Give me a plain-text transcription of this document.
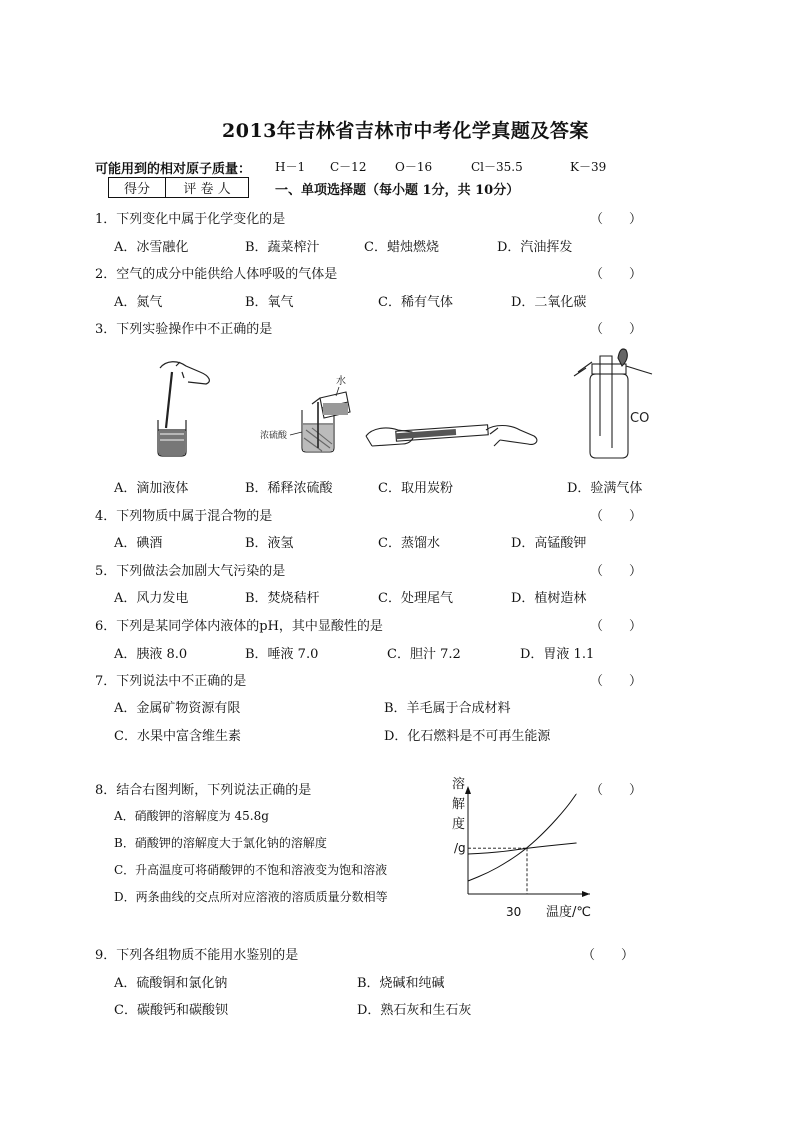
2013年吉林省吉林市中考化学真题及答案
可能用到的相对原子质量： H－1 C－12 O－16	Cl－35.5	K－39
得分	评 卷 人	一、单项选择题（每小题 1分，共 10分）
1．下列变化中属于化学变化的是	（　　）
A．冰雪融化	B．蔬菜榨汁	C．蜡烛燃烧	D．汽油挥发
2．空气的成分中能供给人体呼吸的气体是	（　　）
A．氮气	B．氧气	C．稀有气体	D．二氧化碳
3．下列实验操作中不正确的是	（　　）
水
浓硫酸
CO
A．滴加液体	B．稀释浓硫酸	C．取用炭粉	D．验满气体
4．下列物质中属于混合物的是	（　　）
A．碘酒	B．液氢	C．蒸馏水	D．高锰酸钾
5．下列做法会加剧大气污染的是	（　　）
A．风力发电	B．焚烧秸杆	C．处理尾气	D．植树造林
6．下列是某同学体内液体的pH，其中显酸性的是	（　　）
A．胰液 8.0	B．唾液 7.0	C．胆汁 7.2	D．胃液 1.1
7．下列说法中不正确的是	（　　）
A．金属矿物资源有限	B．羊毛属于合成材料
C．水果中富含维生素	D．化石燃料是不可再生能源
8．结合右图判断，下列说法正确的是	（　　）
A．硝酸钾的溶解度为 45.8g
B．硝酸钾的溶解度大于氯化钠的溶解度
C．升高温度可将硝酸钾的不饱和溶液变为饱和溶液
D．两条曲线的交点所对应溶液的溶质质量分数相等
溶
解
度
/g
30 温度/℃
9．下列各组物质不能用水鉴别的是	（　　）
A．硫酸铜和氯化钠	B．烧碱和纯碱
C．碳酸钙和碳酸钡	D．熟石灰和生石灰
